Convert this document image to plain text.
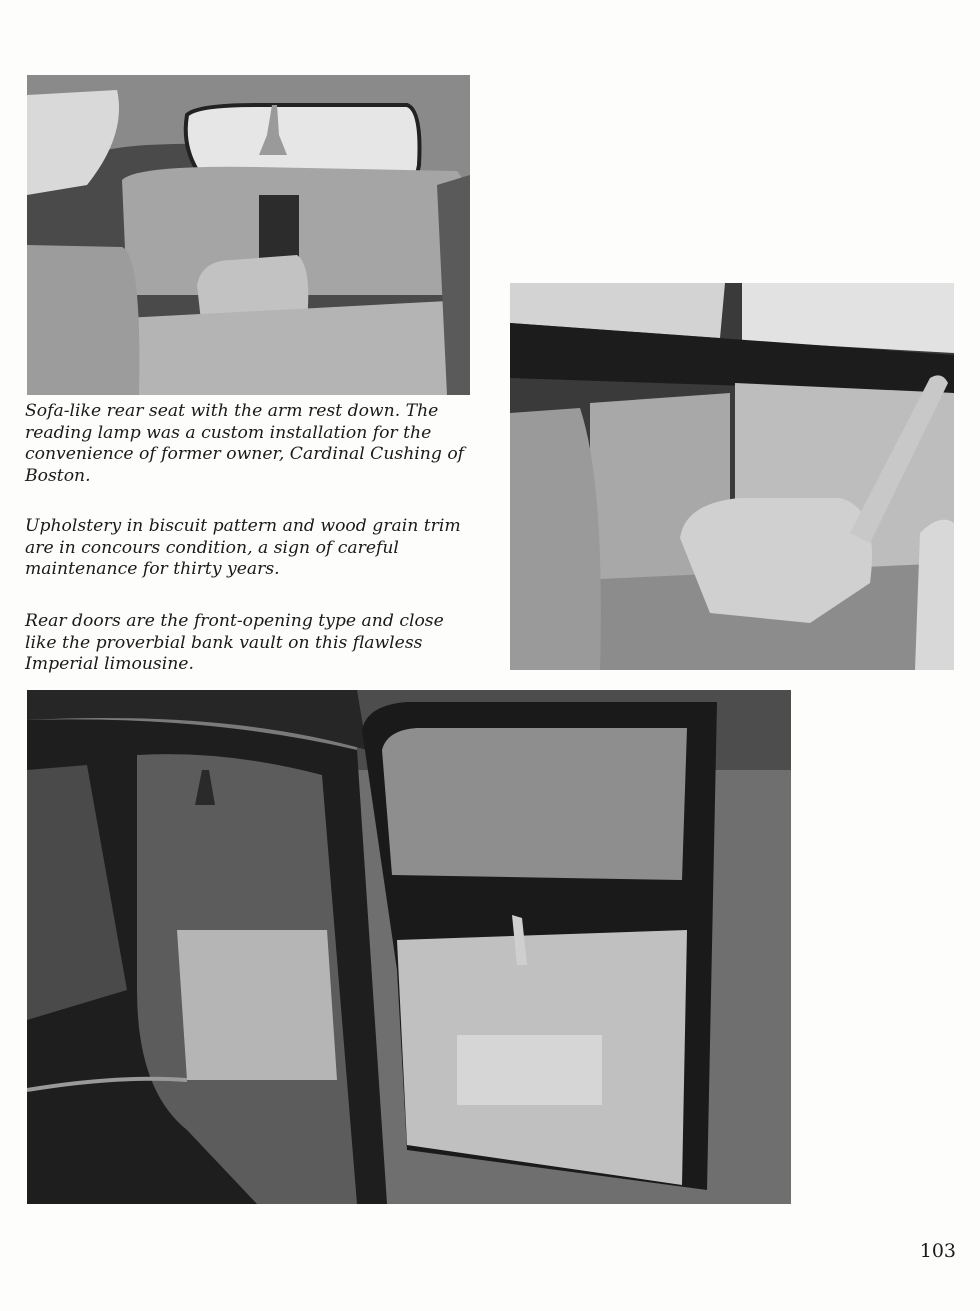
Sofa-like rear seat with the arm rest down. The reading lamp was a custom installation for the convenience of former owner, Cardinal Cushing of Boston.

Upholstery in biscuit pattern and wood grain trim are in concours condition, a sign of careful maintenance for thirty years.

Rear doors are the front-opening type and close like the proverbial bank vault on this flawless Imperial limousine.

103
